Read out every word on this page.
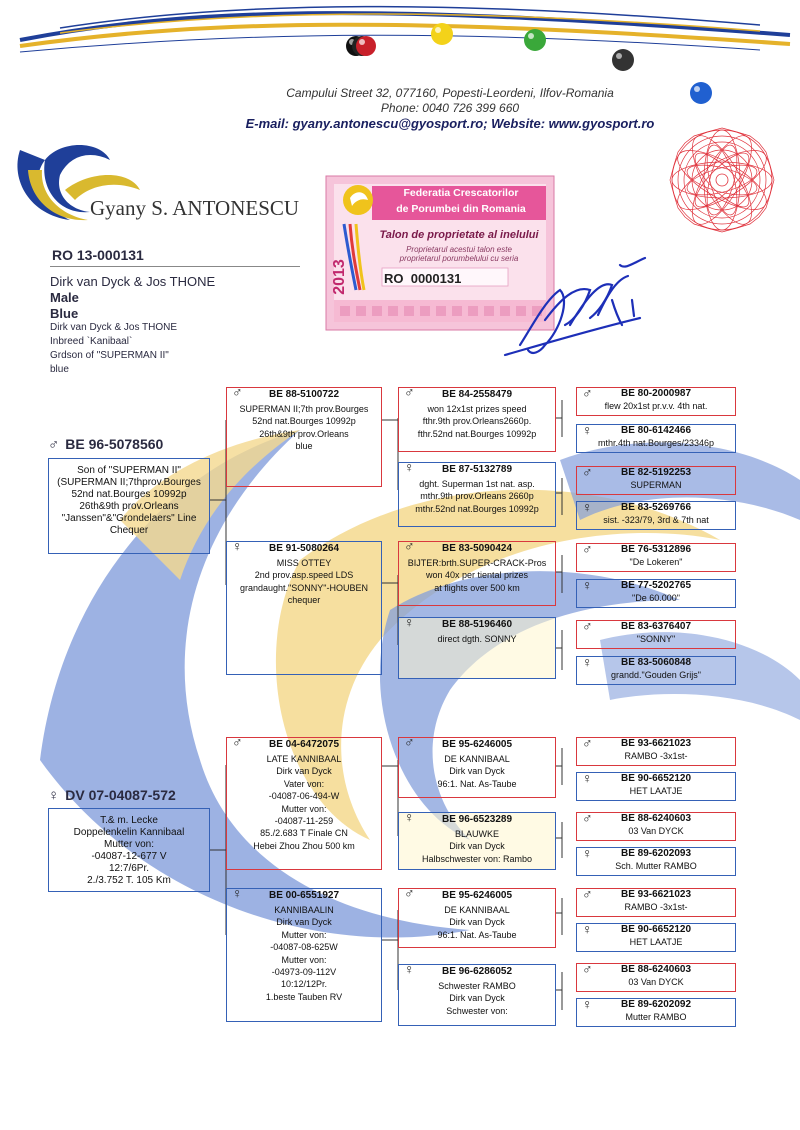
Campului Street 32, 077160, Popesti-Leordeni, Ilfov-Romania
Phone: 0040 726 399 660
E-mail: gyany.antonescu@gyosport.ro; Website: www.gyosport.ro
Gyany S. ANTONESCU
Federatia Crescatorilor
de Porumbei din Romania
Talon de proprietate al inelului
Proprietarul acestui talon este
proprietarul porumbelului cu seria
2013	RO  0000131
RO 13-000131
Dirk van Dyck & Jos THONE
Male
Blue
Dirk van Dyck & Jos THONE
Inbreed `Kanibaal`
Grdson of "SUPERMAN II"
blue
♂ BE 96-5078560
Son of "SUPERMAN II"
(SUPERMAN II;7thprov.Bourges
52nd nat.Bourges 10992p
26th&9th prov.Orleans
"Janssen"&"Grondelaers" Line
Chequer
♀ DV 07-04087-572
T.& m. Lecke
Doppelenkelin Kannibaal
Mutter von:
-04087-12-677 V
12:7/6Pr.
2./3.752 T. 105 Km
♂	BE 88-5100722
SUPERMAN II;7th prov.Bourges
52nd nat.Bourges 10992p
26th&9th prov.Orleans
blue
♀	BE 91-5080264
MISS OTTEY
2nd prov.asp.speed LDS
grandaught."SONNY"-HOUBEN
chequer
♂	BE 04-6472075
LATE KANNIBAAL
Dirk van Dyck
Vater von:
-04087-06-494-W
Mutter von:
-04087-11-259
85./2.683 T Finale CN
Hebei Zhou Zhou 500 km
♀	BE 00-6551927
KANNIBAALIN
Dirk van Dyck
Mutter von:
-04087-08-625W
Mutter von:
-04973-09-112V
10:12/12Pr.
1.beste Tauben RV
♂	BE 84-2558479
won 12x1st prizes speed
fthr.9th prov.Orleans2660p.
fthr.52nd nat.Bourges 10992p
♀	BE 87-5132789
dght. Superman 1st nat. asp.
mthr.9th prov.Orleans 2660p
mthr.52nd nat.Bourges 10992p
♂	BE 83-5090424
BIJTER:brth.SUPER-CRACK-Pros
won 40x per tiental prizes
at flights over 500 km
♀	BE 88-5196460
direct dgth. SONNY
♂	BE 95-6246005
DE KANNIBAAL
Dirk van Dyck
96:1. Nat. As-Taube
♀	BE 96-6523289
BLAUWKE
Dirk van Dyck
Halbschwester von: Rambo
♂	BE 95-6246005
DE KANNIBAAL
Dirk van Dyck
96:1. Nat. As-Taube
♀	BE 96-6286052
Schwester RAMBO
Dirk van Dyck
Schwester von:
♂	BE 80-2000987
flew 20x1st pr.v.v. 4th nat.
♀	BE 80-6142466
mthr.4th nat.Bourges/23346p
♂	BE 82-5192253
SUPERMAN
♀	BE 83-5269766
sist. -323/79, 3rd & 7th nat
♂	BE 76-5312896
"De Lokeren"
♀	BE 77-5202765
"De 60.000"
♂	BE 83-6376407
"SONNY"
♀	BE 83-5060848
grandd."Gouden Grijs"
♂	BE 93-6621023
RAMBO -3x1st-
♀	BE 90-6652120
HET LAATJE
♂	BE 88-6240603
03 Van DYCK
♀	BE 89-6202093
Sch. Mutter RAMBO
♂	BE 93-6621023
RAMBO -3x1st-
♀	BE 90-6652120
HET LAATJE
♂	BE 88-6240603
03 Van DYCK
♀	BE 89-6202092
Mutter RAMBO
